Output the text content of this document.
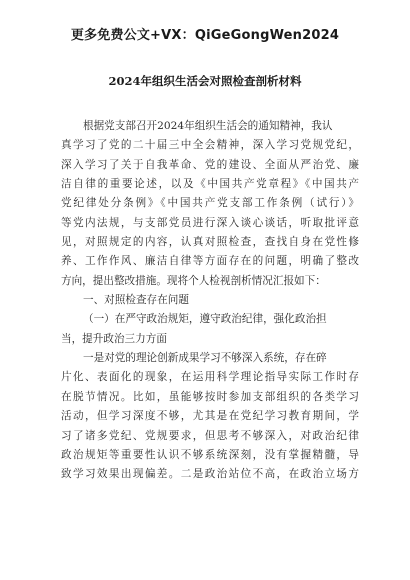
更多免费公文+VX：QiGeGongWen2024
2024年组织生活会对照检查剖析材料
根据党支部召开2024年组织生活会的通知精神，我认
真学习了党的二十届三中全会精神，深入学习党规党纪，
深入学习了关于自我革命、党的建设、全面从严治党、廉
洁自律的重要论述，以及《中国共产党章程》《中国共产
党纪律处分条例》《中国共产党支部工作条例（试行）》
等党内法规，与支部党员进行深入谈心谈话，听取批评意
见，对照规定的内容，认真对照检查，查找自身在党性修
养、工作作风、廉洁自律等方面存在的问题，明确了整改
方向，提出整改措施。现将个人检视剖析情况汇报如下：
一、对照检查存在问题
（一）在严守政治规矩，遵守政治纪律，强化政治担
当，提升政治三力方面
一是对党的理论创新成果学习不够深入系统，存在碎
片化、表面化的现象，在运用科学理论指导实际工作时存
在脱节情况。比如，虽能够按时参加支部组织的各类学习
活动，但学习深度不够，尤其是在党纪学习教育期间，学
习了诸多党纪、党规要求，但思考不够深入，对政治纪律
政治规矩等重要性认识不够系统深刻，没有掌握精髓，导
致学习效果出现偏差。二是政治站位不高，在政治立场方
